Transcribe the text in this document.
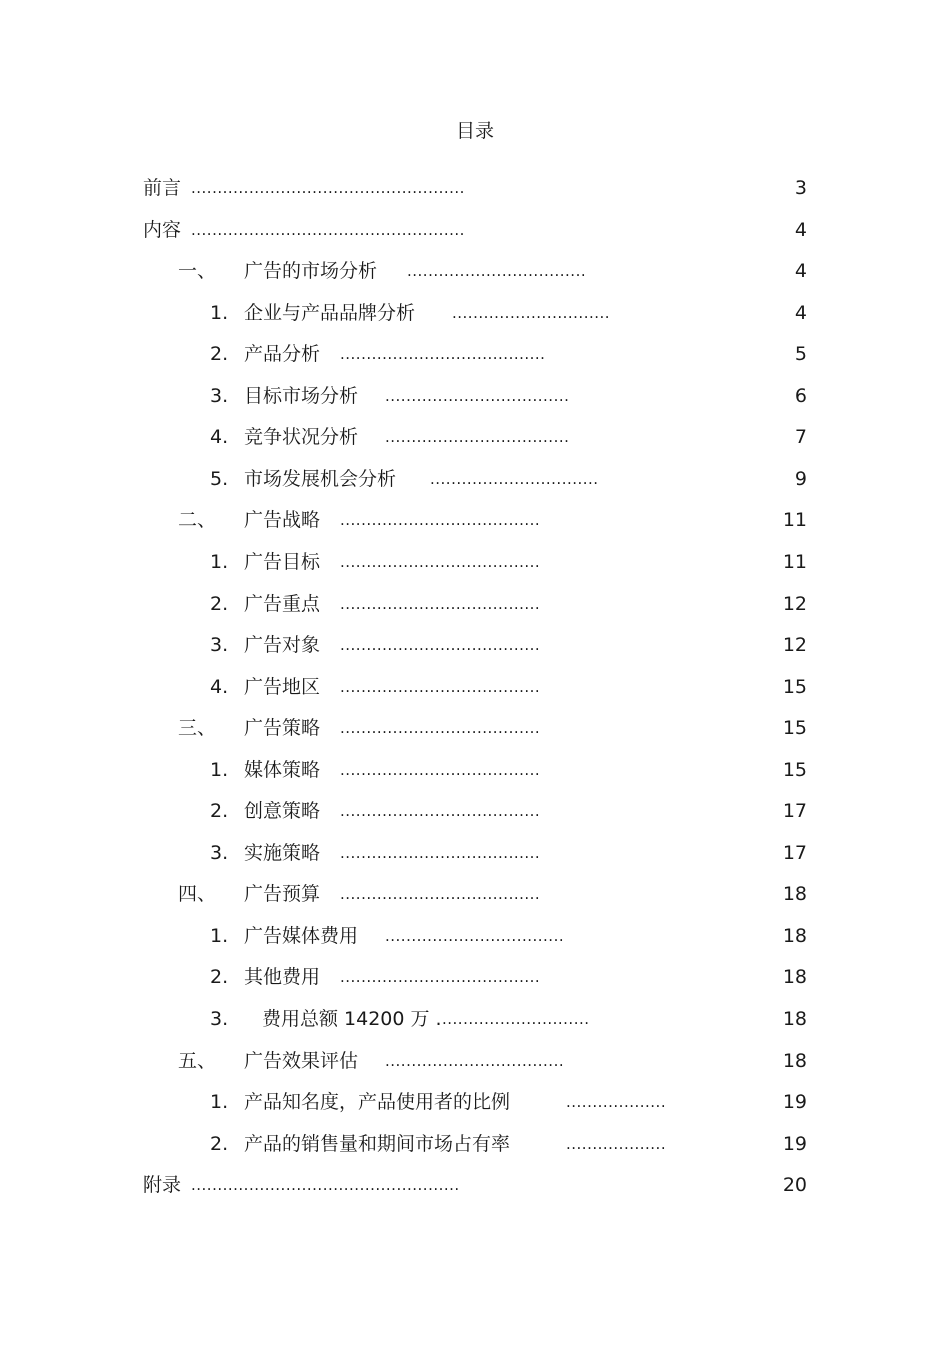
目录
前言 ....................................................	3
内容 ....................................................	4
一、 广告的市场分析 ..................................	4
1. 企业与产品品牌分析 ..............................	4
2. 产品分析 .......................................	5
3. 目标市场分析 ...................................	6
4. 竞争状况分析 ...................................	7
5. 市场发展机会分析 ................................	9
二、 广告战略 ......................................	11
1. 广告目标 ......................................	11
2. 广告重点 ......................................	12
3. 广告对象 ......................................	12
4. 广告地区 ......................................	15
三、 广告策略 ......................................	15
1. 媒体策略 ......................................	15
2. 创意策略 ......................................	17
3. 实施策略 ......................................	17
四、 广告预算 ......................................	18
1. 广告媒体费用 ..................................	18
2. 其他费用 ......................................	18
3. 费用总额 14200 万 . ............................	18
五、 广告效果评估 ..................................	18
1. 产品知名度，产品使用者的比例	...................	19
2. 产品的销售量和期间市场占有率	...................	19
附录 ...................................................	20
